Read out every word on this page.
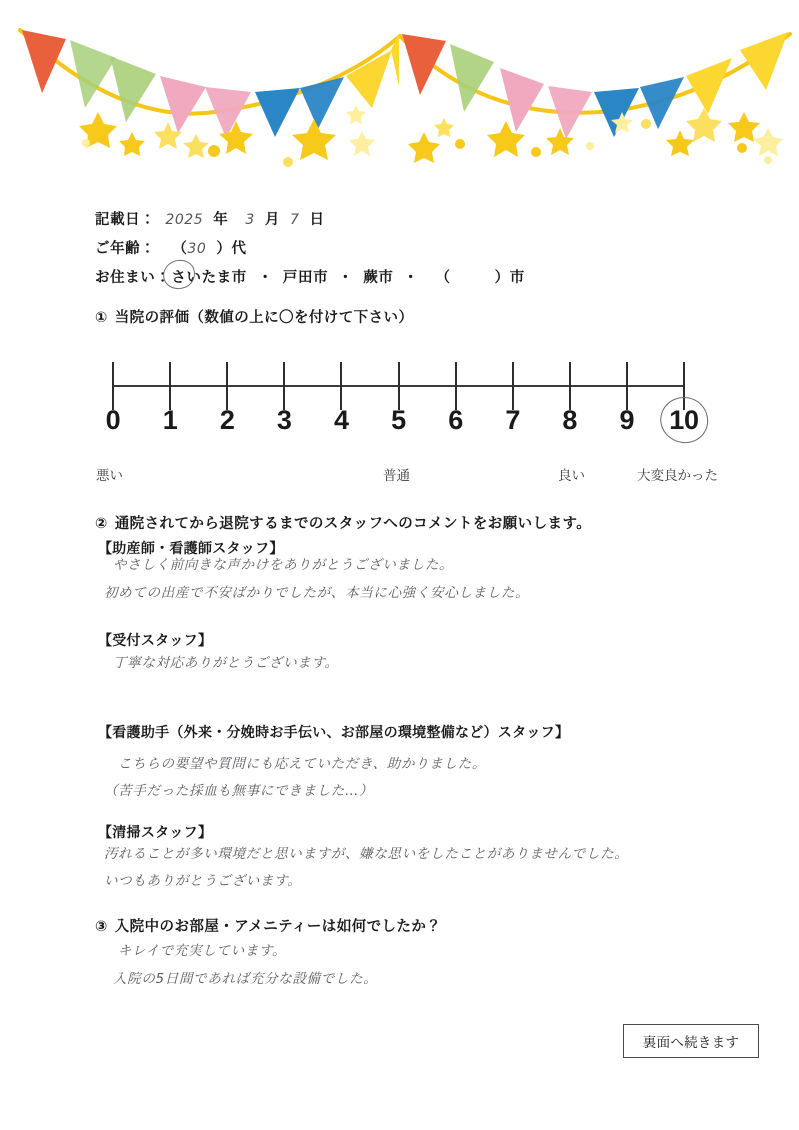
記載日： 2025 年 3 月 7 日
ご年齢： （ 30 ） 代
お住まい： さいたま市 ・ 戸田市 ・ 蕨市 ・ （	）市
① 当院の評価（数値の上に〇を付けて下さい）
0 1 2 3 4 5 6 7 8 9 10
悪い	普通	良い	大変良かった
② 通院されてから退院するまでのスタッフへのコメントをお願いします。
【助産師・看護師スタッフ】
やさしく前向きな声かけをありがとうございました。
初めての出産で不安ばかりでしたが、本当に心強く安心しました。
【受付スタッフ】
丁寧な対応ありがとうございます。
【看護助手（外来・分娩時お手伝い、お部屋の環境整備など）スタッフ】
こちらの要望や質問にも応えていただき、助かりました。
（苦手だった採血も無事にできました…）
【清掃スタッフ】
汚れることが多い環境だと思いますが、嫌な思いをしたことがありませんでした。
いつもありがとうございます。
③ 入院中のお部屋・アメニティーは如何でしたか？
キレイで充実しています。
入院の5日間であれば充分な設備でした。
裏面へ続きます
